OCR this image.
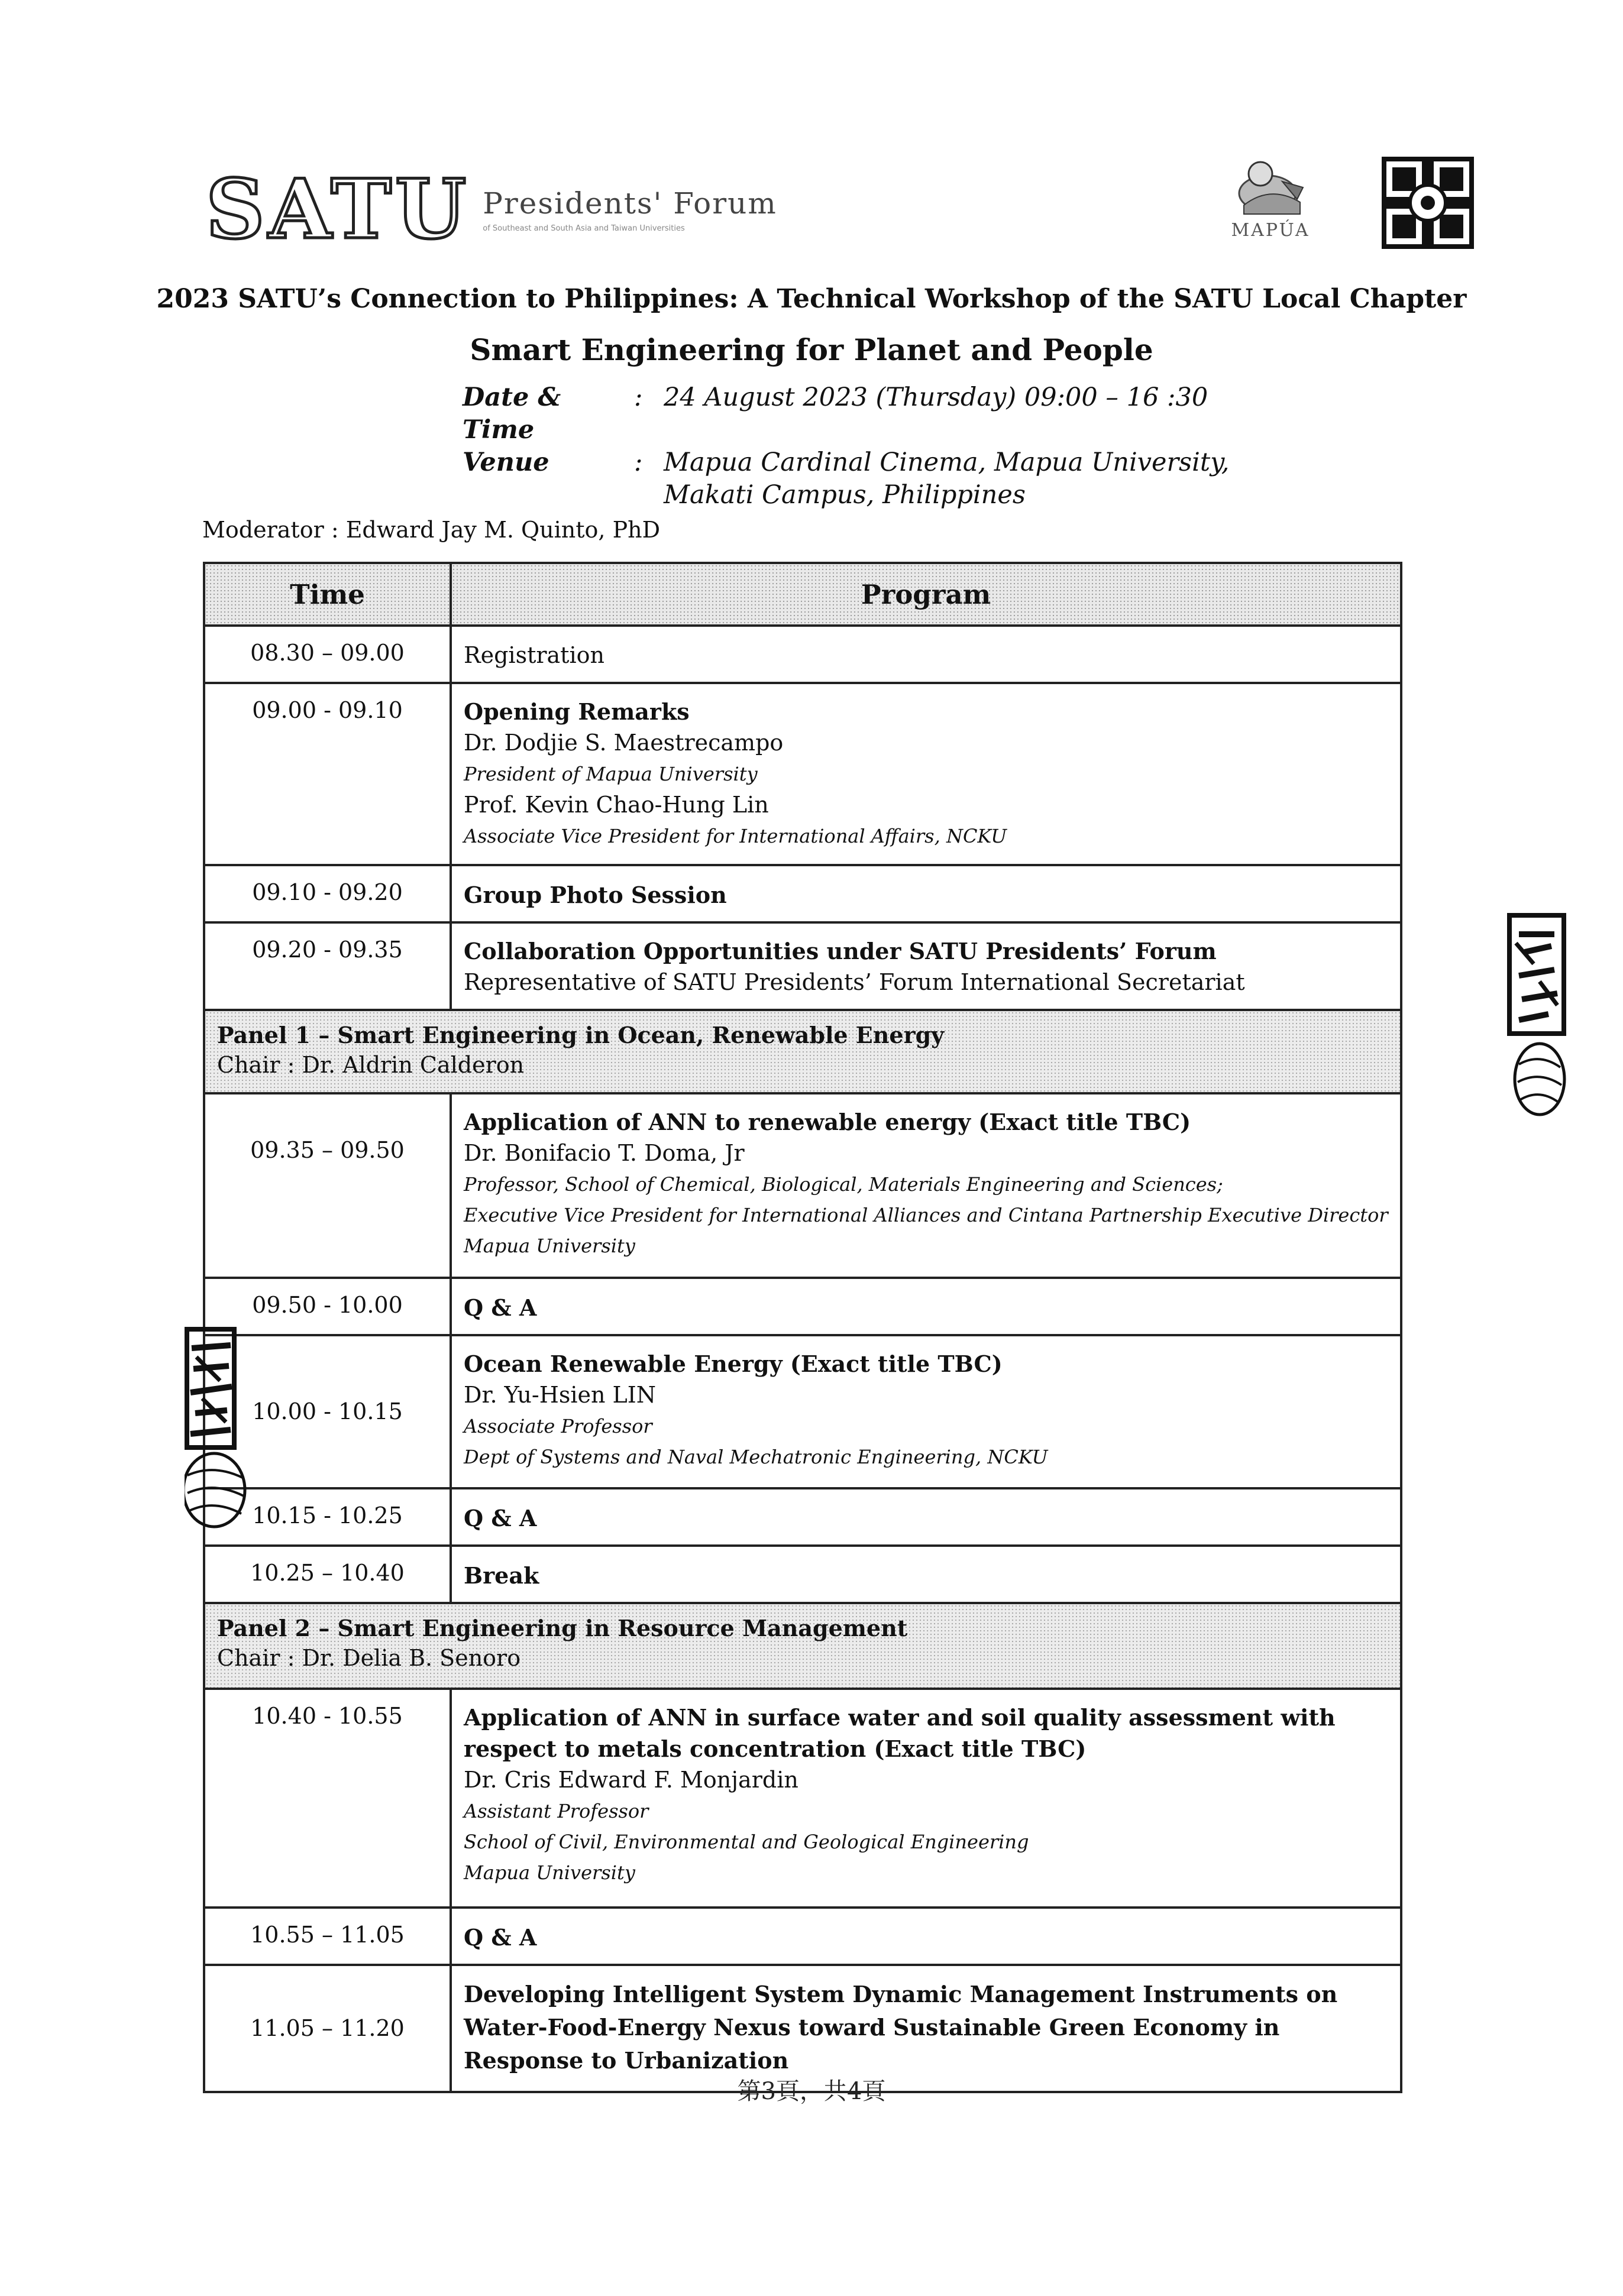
SATU Presidents' Forum
of Southeast and South Asia and Taiwan Universities	MAPÚA
2023 SATU’s Connection to Philippines: A Technical Workshop of the SATU Local Chapter
Smart Engineering for Planet and People
Date & Time
: 24 August 2023 (Thursday) 09:00 – 16 :30
Venue	: Mapua Cardinal Cinema, Mapua University,
Makati Campus, Philippines
Moderator : Edward Jay M. Quinto, PhD
Time	Program
08.30 – 09.00	Registration

09.00 - 09.10	Opening Remarks
Dr. Dodjie S. Maestrecampo
President of Mapua University
Prof. Kevin Chao-Hung Lin
Associate Vice President for International Affairs, NCKU

09.10 - 09.20	Group Photo Session

09.20 - 09.35	Collaboration Opportunities under SATU Presidents’ Forum
Representative of SATU Presidents’ Forum International Secretariat

Panel 1 – Smart Engineering in Ocean, Renewable Energy
Chair : Dr. Aldrin Calderon	

09.35 – 09.50	Application of ANN to renewable energy (Exact title TBC)
Dr. Bonifacio T. Doma, Jr
Professor, School of Chemical, Biological, Materials Engineering and Sciences;
Executive Vice President for International Alliances and Cintana Partnership Executive Director
Mapua University

09.50 - 10.00	Q & A

10.00 - 10.15	Ocean Renewable Energy (Exact title TBC)
Dr. Yu-Hsien LIN
Associate Professor
Dept of Systems and Naval Mechatronic Engineering, NCKU

10.15 - 10.25	Q & A

10.25 – 10.40	Break

Panel 2 – Smart Engineering in Resource Management
Chair : Dr. Delia B. Senoro	

10.40 - 10.55	Application of ANN in surface water and soil quality assessment with respect to metals concentration (Exact title TBC)
Dr. Cris Edward F. Monjardin
Assistant Professor
School of Civil, Environmental and Geological Engineering
Mapua University

10.55 – 11.05	Q & A

11.05 – 11.20	Developing Intelligent System Dynamic Management Instruments on Water-Food-Energy Nexus toward Sustainable Green Economy in Response to Urbanization
第3頁，共4頁
